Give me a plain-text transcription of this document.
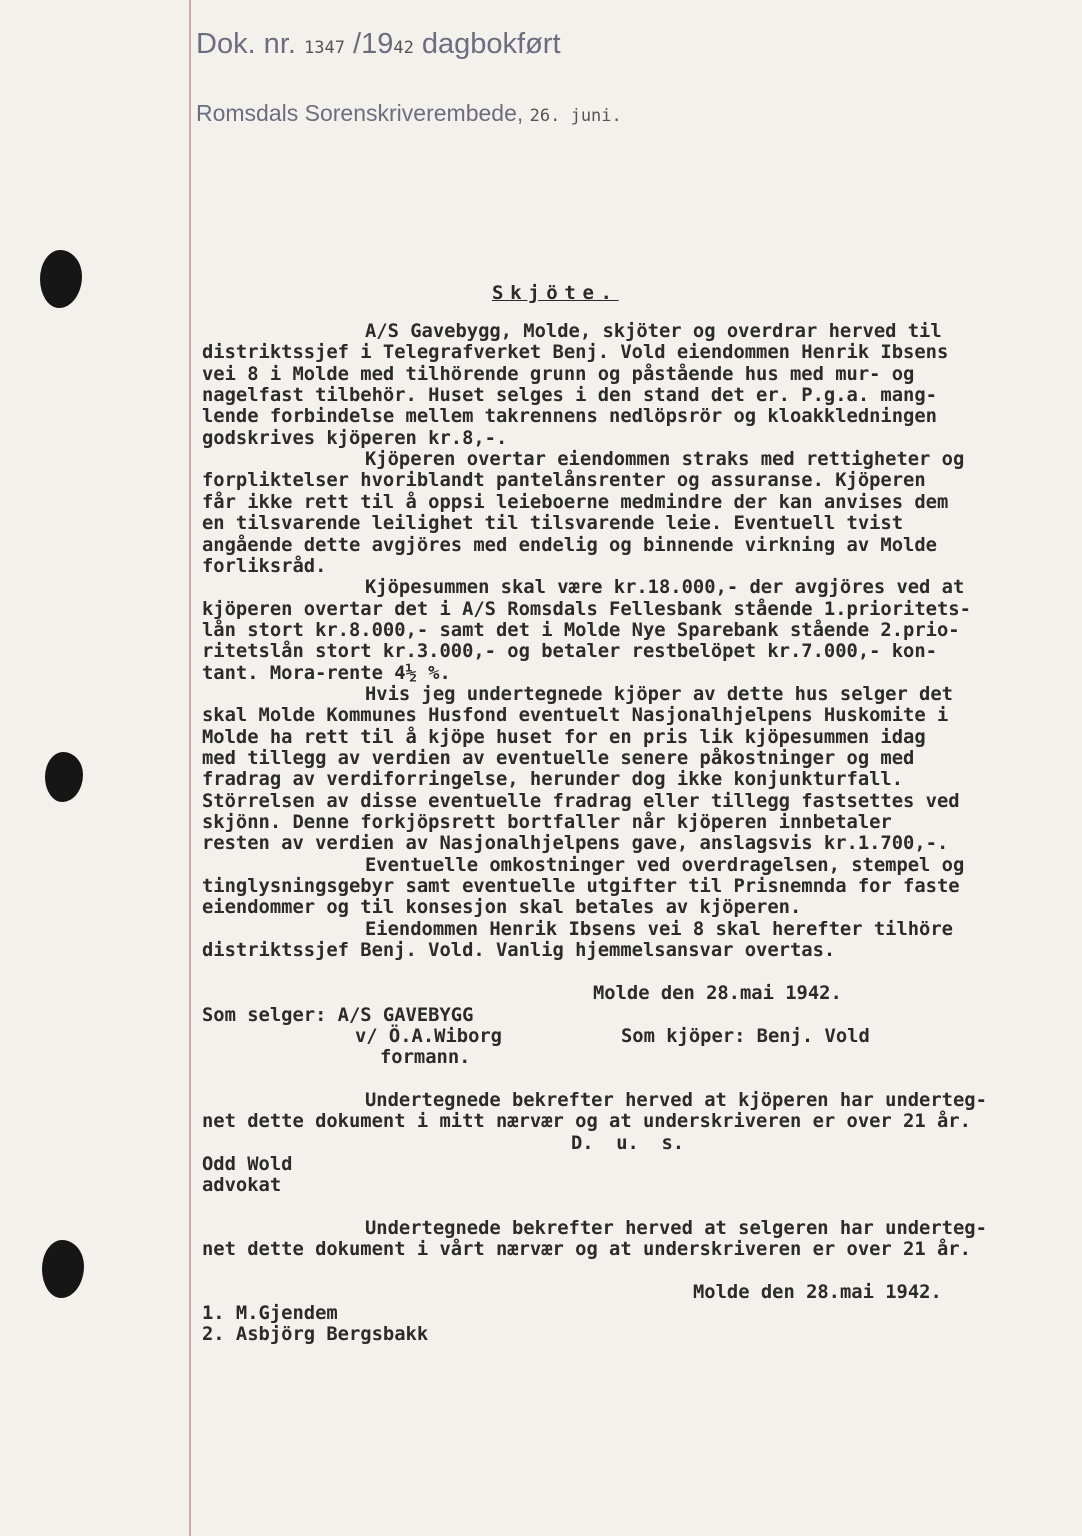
Dok. nr. 1347 /1942 dagbokført
Romsdals Sorenskriverembede, 26. juni.
Skjöte.
A/S Gavebygg, Molde, skjöter og overdrar herved til
distriktssjef i Telegrafverket Benj. Vold eiendommen Henrik Ibsens
vei 8 i Molde med tilhörende grunn og påstående hus med mur- og
nagelfast tilbehör. Huset selges i den stand det er. P.g.a. mang-
lende forbindelse mellem takrennens nedlöpsrör og kloakkledningen
godskrives kjöperen kr.8,-.
Kjöperen overtar eiendommen straks med rettigheter og
forpliktelser hvoriblandt pantelånsrenter og assuranse. Kjöperen
får ikke rett til å oppsi leieboerne medmindre der kan anvises dem
en tilsvarende leilighet til tilsvarende leie. Eventuell tvist
angående dette avgjöres med endelig og binnende virkning av Molde
forliksråd.
Kjöpesummen skal være kr.18.000,- der avgjöres ved at
kjöperen overtar det i A/S Romsdals Fellesbank stående 1.prioritets-
lån stort kr.8.000,- samt det i Molde Nye Sparebank stående 2.prio-
ritetslån stort kr.3.000,- og betaler restbelöpet kr.7.000,- kon-
tant. Mora-rente 4½ %.
Hvis jeg undertegnede kjöper av dette hus selger det
skal Molde Kommunes Husfond eventuelt Nasjonalhjelpens Huskomite i
Molde ha rett til å kjöpe huset for en pris lik kjöpesummen idag
med tillegg av verdien av eventuelle senere påkostninger og med
fradrag av verdiforringelse, herunder dog ikke konjunkturfall.
Störrelsen av disse eventuelle fradrag eller tillegg fastsettes ved
skjönn. Denne forkjöpsrett bortfaller når kjöperen innbetaler
resten av verdien av Nasjonalhjelpens gave, anslagsvis kr.1.700,-.
Eventuelle omkostninger ved overdragelsen, stempel og
tinglysningsgebyr samt eventuelle utgifter til Prisnemnda for faste
eiendommer og til konsesjon skal betales av kjöperen.
Eiendommen Henrik Ibsens vei 8 skal herefter tilhöre
distriktssjef Benj. Vold. Vanlig hjemmelsansvar overtas.
Molde den 28.mai 1942.
Som selger: A/S GAVEBYGG
v/ Ö.A.Wiborg	Som kjöper: Benj. Vold
formann.
Undertegnede bekrefter herved at kjöperen har underteg-
net dette dokument i mitt nærvær og at underskriveren er over 21 år.
D.  u.  s.
Odd Wold
advokat
Undertegnede bekrefter herved at selgeren har underteg-
net dette dokument i vårt nærvær og at underskriveren er over 21 år.
Molde den 28.mai 1942.
1. M.Gjendem
2. Asbjörg Bergsbakk
